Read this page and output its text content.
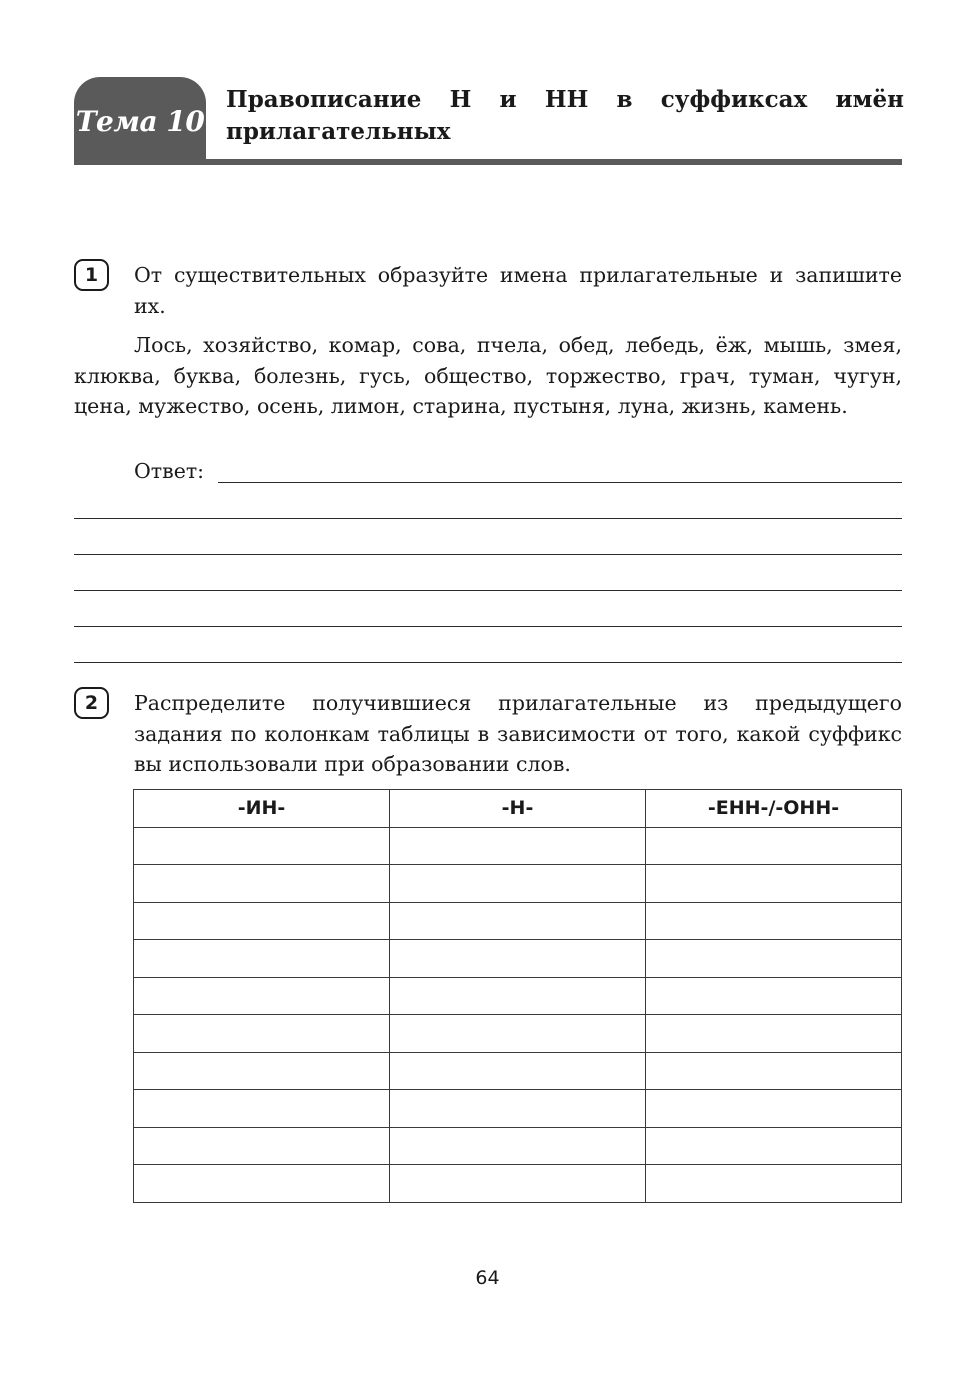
Тема 10
Правописание Н и НН в суффиксах имён прилагательных
1	От существительных образуйте имена прилагательные и запишите их.

Лось, хозяйство, комар, сова, пчела, обед, лебедь, ёж, мышь, змея, клюква, буква, болезнь, гусь, общество, торжество, грач, туман, чугун, цена, мужество, осень, лимон, старина, пустыня, луна, жизнь, камень.

Ответ:
2	Распределите получившиеся прилагательные из предыдущего задания по колонкам таблицы в зависимости от того, какой суффикс вы использовали при образовании слов.

-ИН-	-Н-	-ЕНН-/-ОНН-

64
